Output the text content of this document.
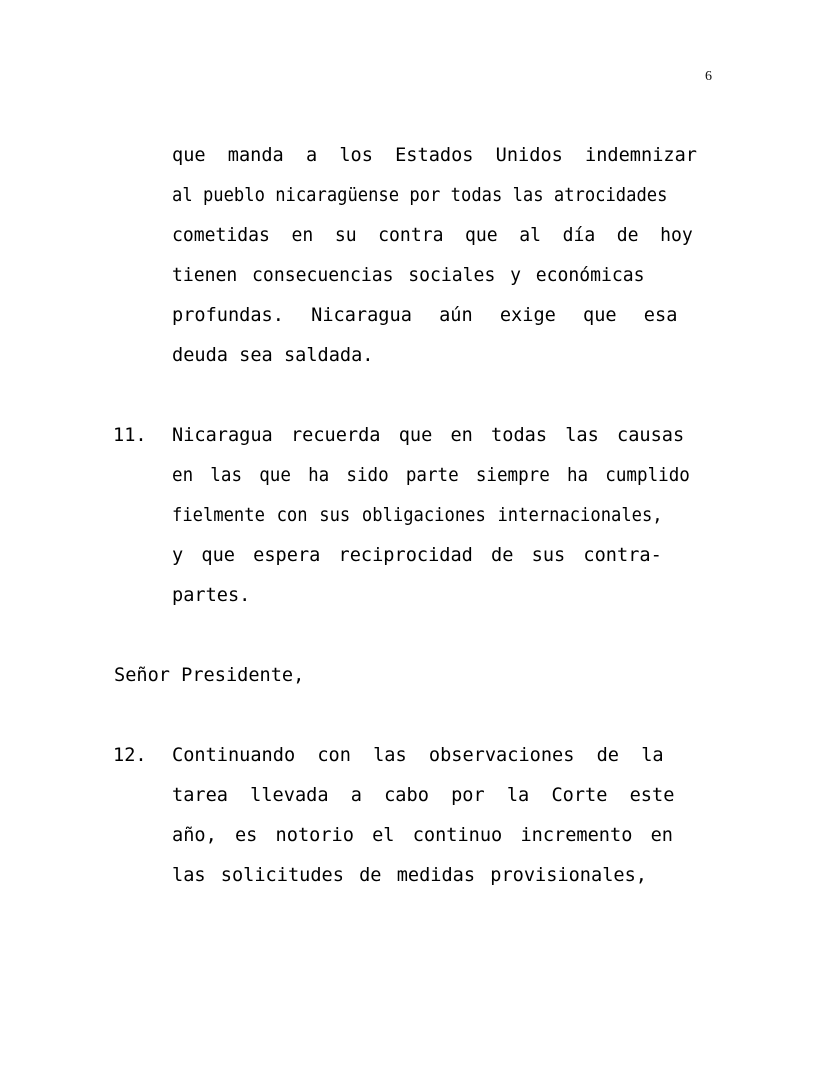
6

que manda a los Estados Unidos indemnizar

al pueblo nicaragüense por todas las atrocidades

cometidas en su contra que al día de hoy

tienen consecuencias sociales y económicas

profundas. Nicaragua aún exige que esa

deuda sea saldada.

11.

Nicaragua recuerda que en todas las causas

en las que ha sido parte siempre ha cumplido

fielmente con sus obligaciones internacionales,

y que espera reciprocidad de sus contra-

partes.

Señor Presidente,

12.

Continuando con las observaciones de la

tarea llevada a cabo por la Corte este

año, es notorio el continuo incremento en

las solicitudes de medidas provisionales,
